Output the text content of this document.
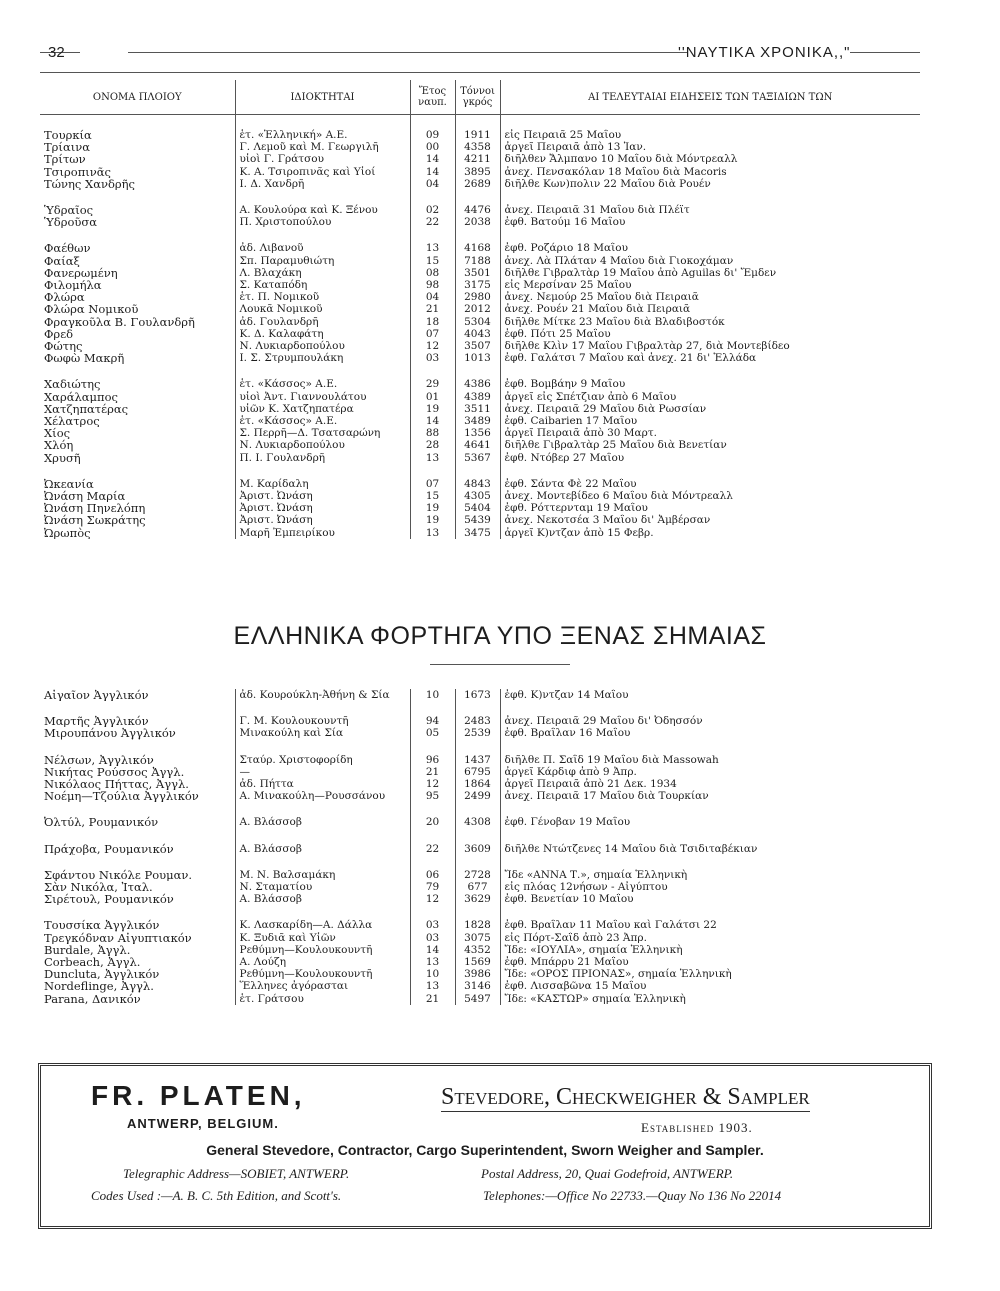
32	''ΝΑΥΤΙΚΑ ΧΡΟΝΙΚΑ,,"
ΟΝΟΜΑ ΠΛΟΙΟΥ	ΙΔΙΟΚΤΗΤΑΙ	Ἔτος ναυπ.	Τόννοι γκρός	ΑΙ ΤΕΛΕΥΤΑΙΑΙ ΕΙΔΗΣΕΙΣ ΤΩΝ ΤΑΞΙΔΙΩΝ ΤΩΝ

Τουρκία	ἑτ. «Ἑλληνική» Α.Ε.	09	1911	εἰς Πειραιᾶ 25 Μαΐου
Τρίαινα	Γ. Λεμοῦ καὶ Μ. Γεωργιλῆ	00	4358	ἀργεῖ Πειραιᾶ ἀπὸ 13 Ἰαν.
Τρίτων	υἱοὶ Γ. Γράτσου	14	4211	διῆλθεν Ἄλμπανο 10 Μαΐου διὰ Μόντρεαλλ
Τσιροπινᾶς	Κ. Α. Τσιροπινᾶς καὶ Υἱοί	14	3895	ἀνεχ. Πενσακόλαν 18 Μαΐου διὰ Macoris
Τώνης Χανδρῆς	Ι. Δ. Χανδρῆ	04	2689	διῆλθε Κων)πολιν 22 Μαΐου διὰ Ρουέν

Ὑδραῖος	Α. Κουλούρα καὶ Κ. Ξένου	02	4476	ἀνεχ. Πειραιᾶ 31 Μαΐου διὰ Πλέϊτ
Ὑδροῦσα	Π. Χριστοπούλου	22	2038	ἐφθ. Βατούμ 16 Μαΐου

Φαέθων	ἀδ. Λιβανοῦ	13	4168	ἐφθ. Ροζάριο 18 Μαΐου
Φαίαξ	Σπ. Παραμυθιώτη	15	7188	ἀνεχ. Λὰ Πλάταν 4 Μαΐου διὰ Γιοκοχάμαν
Φανερωμένη	Λ. Βλαχάκη	08	3501	διῆλθε Γιβραλτὰρ 19 Μαΐου ἀπὸ Aguilas δι' Ἔμδεν
Φιλομήλα	Σ. Καταπόδη	98	3175	εἰς Μερσίναν 25 Μαΐου
Φλώρα	ἑτ. Π. Νομικοῦ	04	2980	ἀνεχ. Νεμούρ 25 Μαΐου διὰ Πειραιᾶ
Φλώρα Νομικοῦ	Λουκᾶ Νομικοῦ	21	2012	ἀνεχ. Ρουέν 21 Μαΐου διὰ Πειραιᾶ
Φραγκοῦλα Β. Γουλανδρῆ	ἀδ. Γουλανδρῆ	18	5304	διῆλθε Μίτκε 23 Μαΐου διὰ Βλαδιβοστόκ
Φρεδ	Κ. Δ. Καλαφάτη	07	4043	ἐφθ. Πότι 25 Μαΐου
Φώτης	Ν. Λυκιαρδοπούλου	12	3507	διῆλθε Κλὶν 17 Μαΐου Γιβραλτὰρ 27, διὰ Μοντεβίδεο
Φωφὼ Μακρῆ	Ι. Σ. Στρυμπουλάκη	03	1013	ἐφθ. Γαλάτσι 7 Μαΐου καὶ ἀνεχ. 21 δι' Ἑλλάδα

Χαδιώτης	ἑτ. «Κάσσος» Α.Ε.	29	4386	ἐφθ. Βομβάην 9 Μαΐου
Χαράλαμπος	υἱοὶ Ἀντ. Γιαννουλάτου	01	4389	ἀργεῖ εἰς Σπέτζιαν ἀπὸ 6 Μαΐου
Χατζηπατέρας	υἱῶν Κ. Χατζηπατέρα	19	3511	ἀνεχ. Πειραιᾶ 29 Μαΐου διὰ Ρωσσίαν
Χέλατρος	ἑτ. «Κάσσος» Α.Ε.	14	3489	ἐφθ. Caibarien 17 Μαΐου
Χίος	Σ. Περρῆ—Δ. Τσατσαρώνη	88	1356	ἀργεῖ Πειραιᾶ ἀπὸ 30 Μαρτ.
Χλόη	Ν. Λυκιαρδοπούλου	28	4641	διῆλθε Γιβραλτὰρ 25 Μαΐου διὰ Βενετίαν
Χρυσῆ	Π. Ι. Γουλανδρῆ	13	5367	ἐφθ. Ντόβερ 27 Μαΐου

Ὠκεανία	Μ. Καρίδαλη	07	4843	ἐφθ. Σάντα Φὲ 22 Μαΐου
Ὠνάση Μαρία	Ἀριστ. Ὠνάση	15	4305	ἀνεχ. Μοντεβίδεο 6 Μαΐου διὰ Μόντρεαλλ
Ὠνάση Πηνελόπη	Ἀριστ. Ὠνάση	19	5404	ἐφθ. Ρόττερνταμ 19 Μαΐου
Ὠνάση Σωκράτης	Ἀριστ. Ὠνάση	19	5439	ἀνεχ. Νεκοτσέα 3 Μαΐου δι' Ἀμβέρσαν
Ὠρωπὸς	Μαρῆ Ἐμπειρίκου	13	3475	ἀργεῖ Κ)ντζαν ἀπὸ 15 Φεβρ.
ΕΛΛΗΝΙΚΑ ΦΟΡΤΗΓΑ ΥΠΟ ΞΕΝΑΣ ΣΗΜΑΙΑΣ
Αἰγαῖον Ἀγγλικόν	ἀδ. Κουρούκλη-Ἀθήνη & Σία	10	1673	ἐφθ. Κ)ντζαν 14 Μαΐου

Μαρτῆς Ἀγγλικόν	Γ. Μ. Κουλουκουντῆ	94	2483	ἀνεχ. Πειραιᾶ 29 Μαΐου δι' Ὀδησσόν
Μιρουπάνου Ἀγγλικόν	Μινακούλη καὶ Σία	05	2539	ἐφθ. Βραΐλαν 16 Μαΐου

Νέλσων, Ἀγγλικόν	Σταύρ. Χριστοφορίδη	96	1437	διῆλθε Π. Σαΐδ 19 Μαΐου διὰ Massowah
Νικήτας Ρούσσος Ἀγγλ.	—	21	6795	ἀργεῖ Κάρδιφ ἀπὸ 9 Ἀπρ.
Νικόλαος Πήττας, Ἀγγλ.	ἀδ. Πήττα	12	1864	ἀργεῖ Πειραιᾶ ἀπὸ 21 Δεκ. 1934
Νοέμη—Τζούλια Ἀγγλικόν	Α. Μινακούλη—Ρουσσάνου	95	2499	ἀνεχ. Πειραιᾶ 17 Μαΐου διὰ Τουρκίαν

Ὀλτύλ, Ρουμανικόν	Α. Βλάσσοβ	20	4308	ἐφθ. Γένοβαν 19 Μαΐου

Πράχοβα, Ρουμανικόν	Α. Βλάσσοβ	22	3609	διῆλθε Ντώτζενες 14 Μαΐου διὰ Τσιδιταβέκιαν

Σφάντου Νικόλε Ρουμαν.	Μ. Ν. Βαλσαμάκη	06	2728	Ἴδε «ΑΝΝΑ Τ.», σημαία Ἑλληνικὴ
Σὰν Νικόλα, Ἰταλ.	Ν. Σταματίου	79	677	εἰς πλόας 12νήσων - Αἰγύπτου
Σιρέτουλ, Ρουμανικόν	Α. Βλάσσοβ	12	3629	ἐφθ. Βενετίαν 10 Μαΐου

Τουσσίκα Ἀγγλικόν	Κ. Λασκαρίδη—Α. Δάλλα	03	1828	ἐφθ. Βραΐλαν 11 Μαΐου καὶ Γαλάτσι 22
Τρεγκόδναν Αἰγυπτιακόν	Κ. Ξυδιᾶ καὶ Υἱῶν	03	3075	εἰς Πόρτ-Σαΐδ ἀπὸ 23 Ἀπρ.
Burdale, Ἀγγλ.	Ρεθύμνη—Κουλουκουντῆ	14	4352	Ἴδε: «ΙΟΥΛΙΑ», σημαία Ἑλληνικὴ
Corbeach, Ἀγγλ.	Α. Λούζη	13	1569	ἐφθ. Μπάρρυ 21 Μαΐου
Duncluta, Ἀγγλικόν	Ρεθύμνη—Κουλουκουντῆ	10	3986	Ἴδε: «ΟΡΟΣ ΠΡΙΟΝΑΣ», σημαία Ἑλληνικὴ
Nordeflinge, Ἀγγλ.	Ἕλληνες ἀγόρασται	13	3146	ἐφθ. Λισσαβῶνα 15 Μαΐου
Parana, Δανικόν	ἑτ. Γράτσου	21	5497	Ἴδε: «ΚΑΣΤΩΡ» σημαία Ἑλληνικὴ
FR. PLATEN,
ANTWERP, BELGIUM.
Stevedore, Checkweigher & Sampler
Established 1903.
General Stevedore, Contractor, Cargo Superintendent, Sworn Weigher and Sampler.
Telegraphic Address—SOBIET, ANTWERP.	Postal Address, 20, Quai Godefroid, ANTWERP.
Codes Used :—A. B. C. 5th Edition, and Scott's.	Telephones:—Office No 22733.—Quay No 136 No 22014
